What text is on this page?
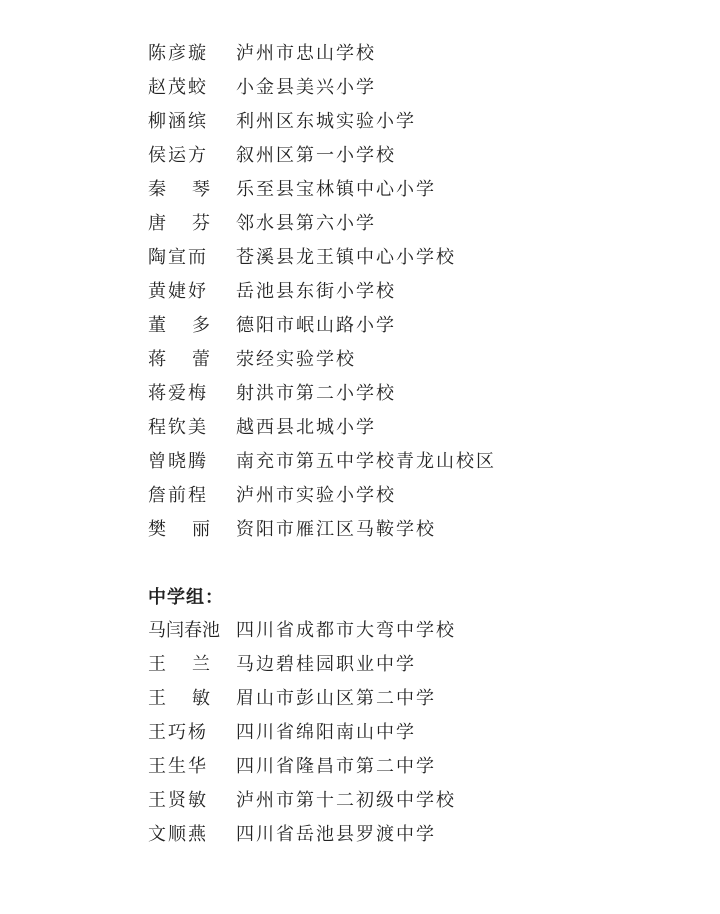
陈彦璇	泸州市忠山学校
赵茂蛟	小金县美兴小学
柳涵缤	利州区东城实验小学
侯运方	叙州区第一小学校
秦琴 乐至县宝林镇中心小学
唐芬 邻水县第六小学
陶宣而	苍溪县龙王镇中心小学校
黄婕妤	岳池县东街小学校
董多 德阳市岷山路小学
蒋蕾 荥经实验学校
蒋爱梅	射洪市第二小学校
程钦美	越西县北城小学
曾晓腾	南充市第五中学校青龙山校区
詹前程	泸州市实验小学校
樊丽 资阳市雁江区马鞍学校
中学组：
马闫春池 四川省成都市大弯中学校
王兰 马边碧桂园职业中学
王敏 眉山市彭山区第二中学
王巧杨	四川省绵阳南山中学
王生华	四川省隆昌市第二中学
王贤敏	泸州市第十二初级中学校
文顺燕	四川省岳池县罗渡中学
